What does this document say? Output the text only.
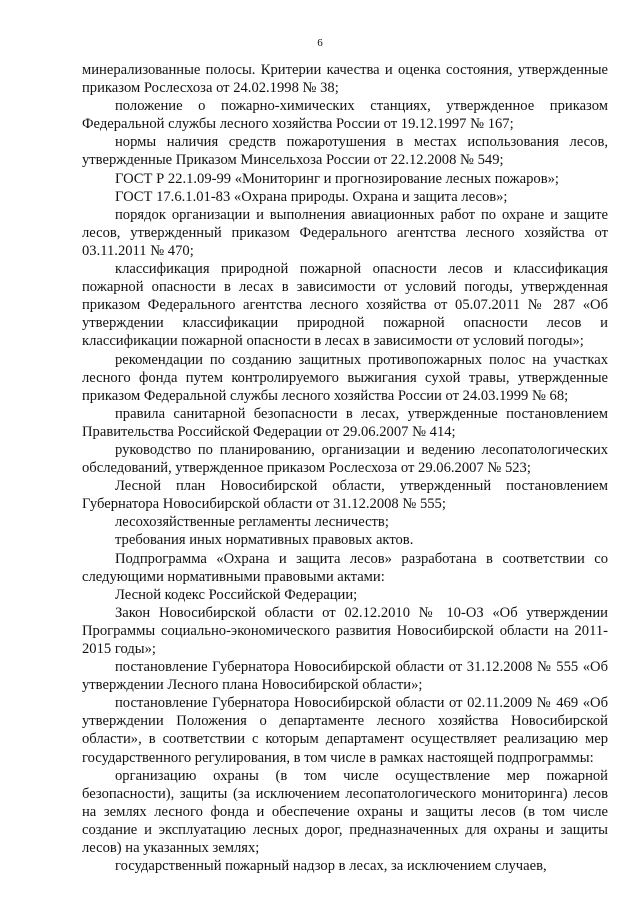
6

минерализованные полосы. Критерии качества и оценка состояния, утвержденные приказом Рослесхоза от 24.02.1998 № 38;

положение о пожарно-химических станциях, утвержденное приказом Федеральной службы лесного хозяйства России от 19.12.1997 № 167;

нормы наличия средств пожаротушения в местах использования лесов, утвержденные Приказом Минсельхоза России от 22.12.2008 № 549;

ГОСТ Р 22.1.09-99 «Мониторинг и прогнозирование лесных пожаров»;

ГОСТ 17.6.1.01-83 «Охрана природы. Охрана и защита лесов»;

порядок организации и выполнения авиационных работ по охране и защите лесов, утвержденный приказом Федерального агентства лесного хозяйства от 03.11.2011 № 470;

классификация природной пожарной опасности лесов и классификация пожарной опасности в лесах в зависимости от условий погоды, утвержденная приказом Федерального агентства лесного хозяйства от 05.07.2011 № 287 «Об утверждении классификации природной пожарной опасности лесов и классификации пожарной опасности в лесах в зависимости от условий погоды»;

рекомендации по созданию защитных противопожарных полос на участках лесного фонда путем контролируемого выжигания сухой травы, утвержденные приказом Федеральной службы лесного хозяйства России от 24.03.1999 № 68;

правила санитарной безопасности в лесах, утвержденные постановлением Правительства Российской Федерации от 29.06.2007 № 414;

руководство по планированию, организации и ведению лесопатологических обследований, утвержденное приказом Рослесхоза от 29.06.2007 № 523;

Лесной план Новосибирской области, утвержденный постановлением Губернатора Новосибирской области от 31.12.2008 № 555;

лесохозяйственные регламенты лесничеств;

требования иных нормативных правовых актов.

Подпрограмма «Охрана и защита лесов» разработана в соответствии со следующими нормативными правовыми актами:

Лесной кодекс Российской Федерации;

Закон Новосибирской области от 02.12.2010 № 10-ОЗ «Об утверждении Программы социально-экономического развития Новосибирской области на 2011-2015 годы»;

постановление Губернатора Новосибирской области от 31.12.2008 № 555 «Об утверждении Лесного плана Новосибирской области»;

постановление Губернатора Новосибирской области от 02.11.2009 № 469 «Об утверждении Положения о департаменте лесного хозяйства Новосибирской области», в соответствии с которым департамент осуществляет реализацию мер государственного регулирования, в том числе в рамках настоящей подпрограммы:

организацию охраны (в том числе осуществление мер пожарной безопасности), защиты (за исключением лесопатологического мониторинга) лесов на землях лесного фонда и обеспечение охраны и защиты лесов (в том числе создание и эксплуатацию лесных дорог, предназначенных для охраны и защиты лесов) на указанных землях;

государственный пожарный надзор в лесах, за исключением случаев,
